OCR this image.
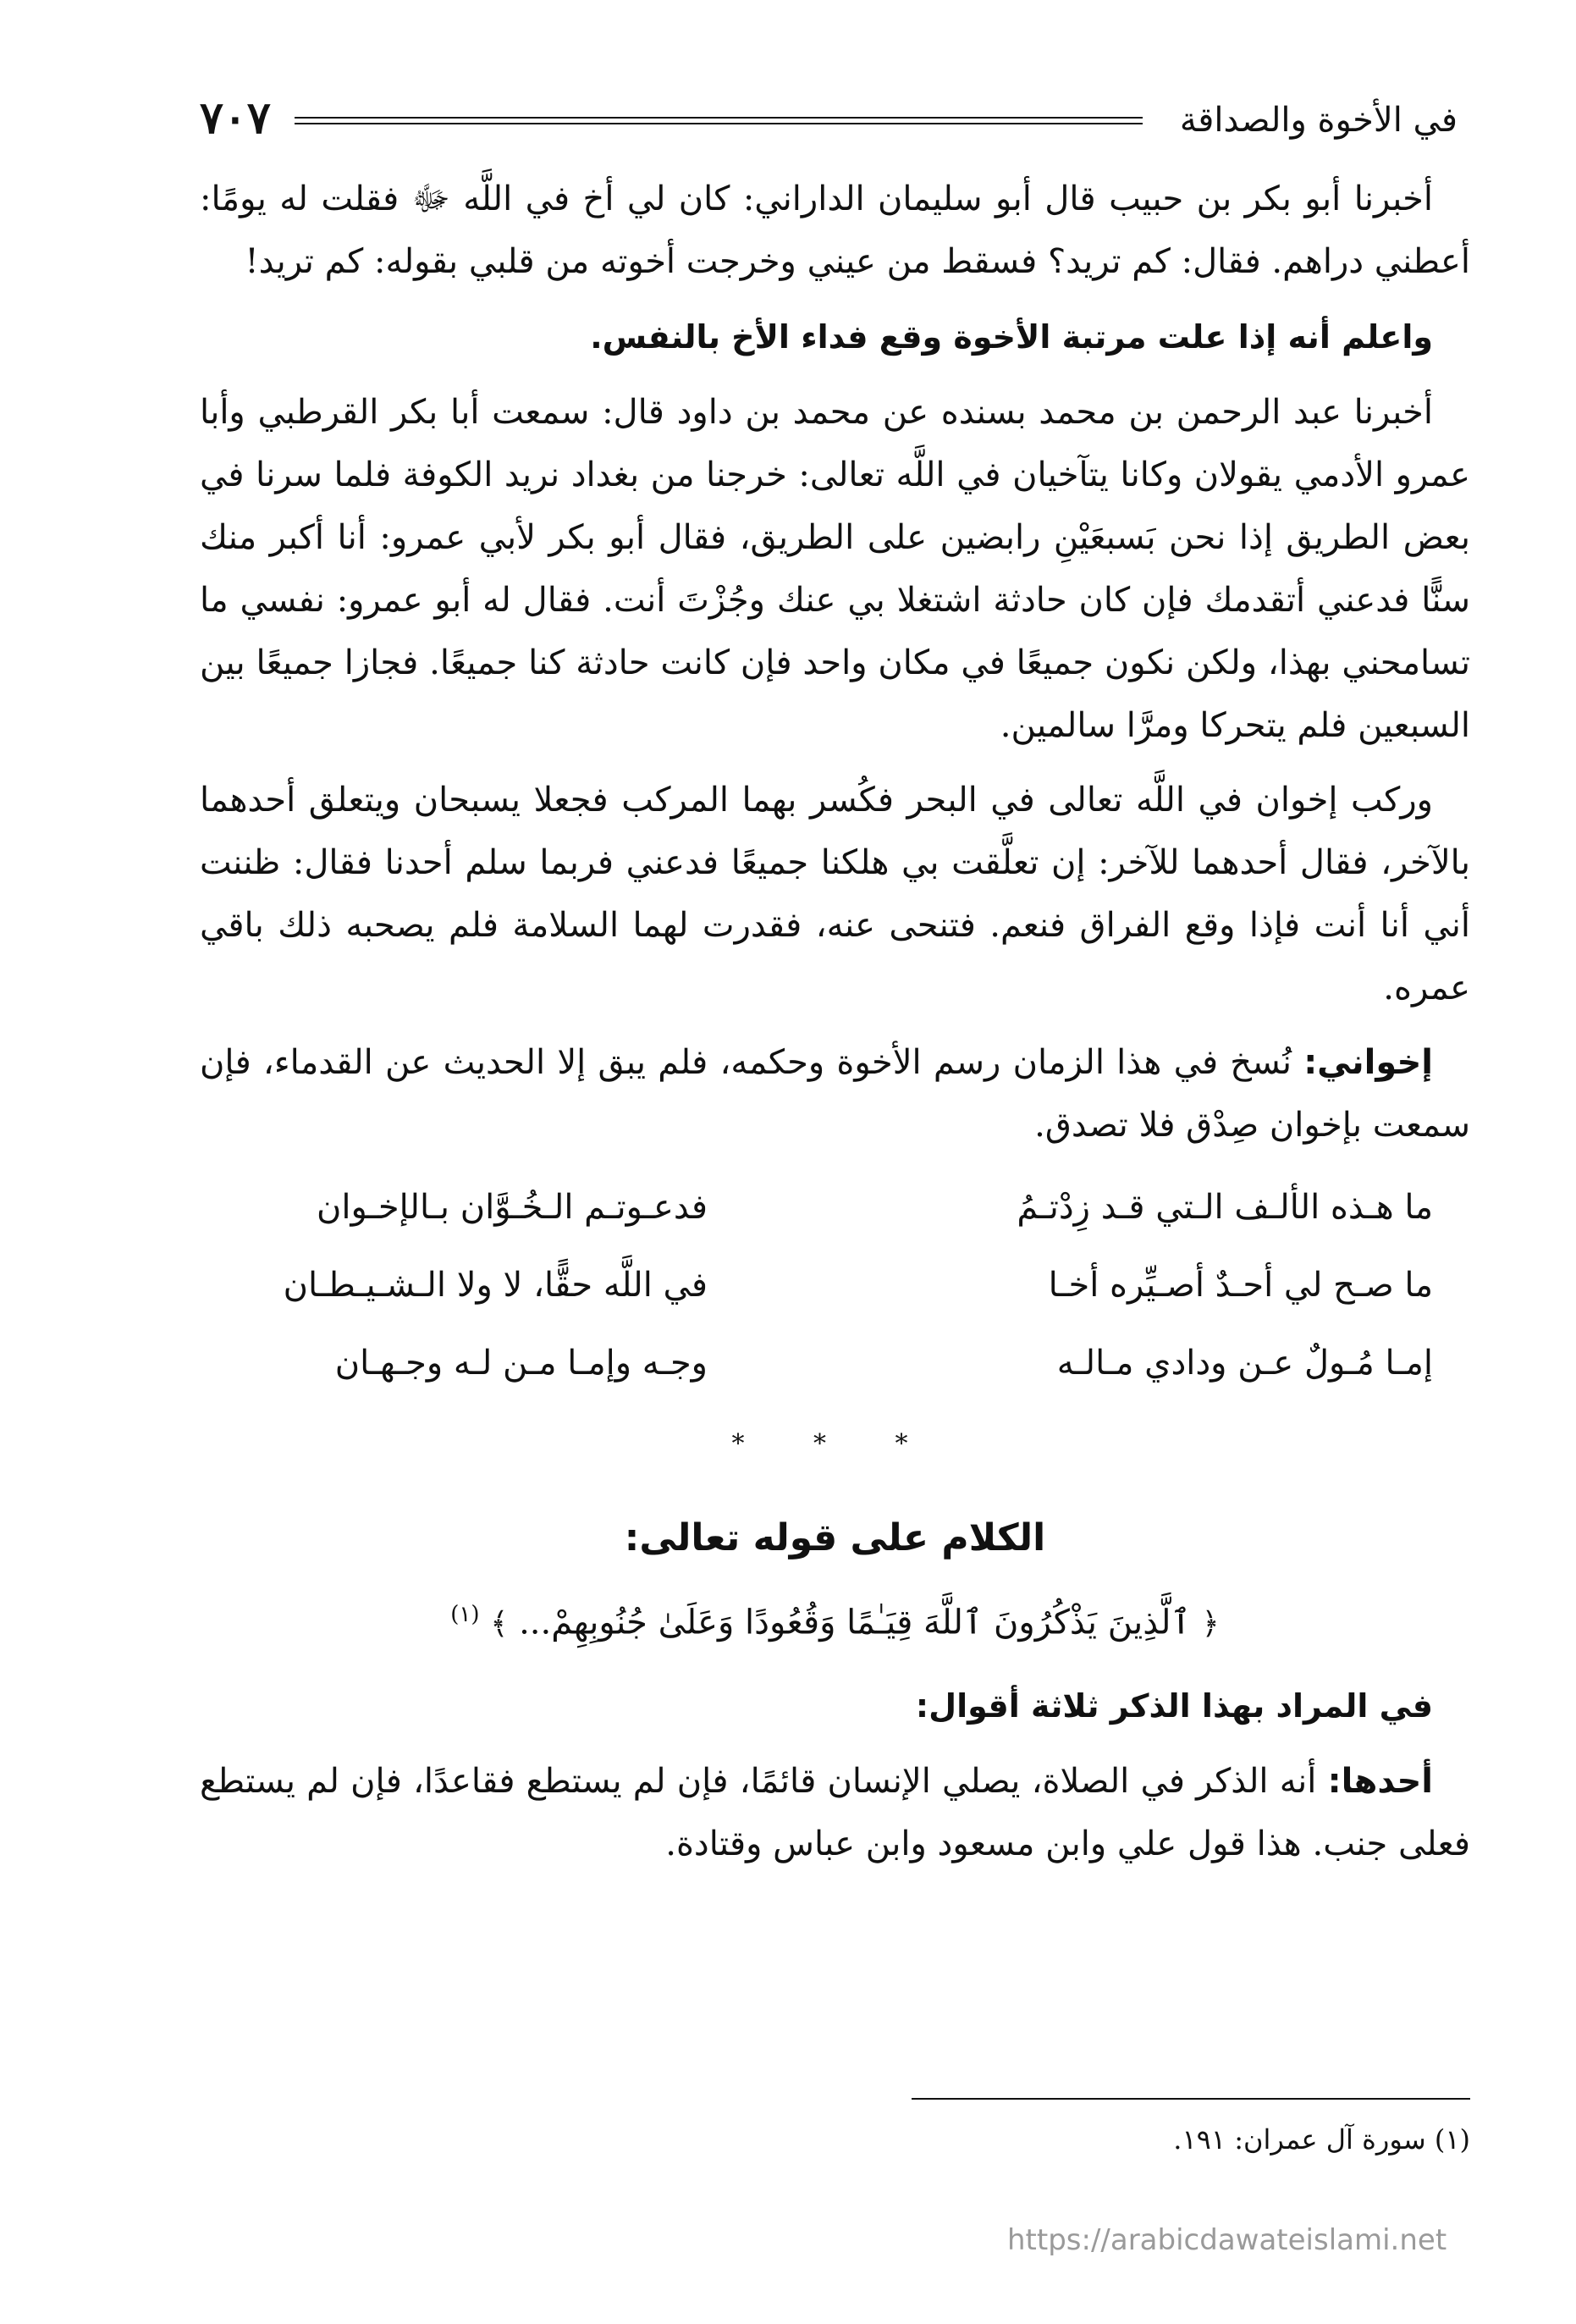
في الأخوة والصداقة
٧٠٧

أخبرنا أبو بكر بن حبيب قال أبو سليمان الداراني: كان لي أخ في اللَّه ﷻ فقلت له يومًا: أعطني دراهم. فقال: كم تريد؟ فسقط من عيني وخرجت أخوته من قلبي بقوله: كم تريد!

واعلم أنه إذا علت مرتبة الأخوة وقع فداء الأخ بالنفس.

أخبرنا عبد الرحمن بن محمد بسنده عن محمد بن داود قال: سمعت أبا بكر القرطبي وأبا عمرو الأدمي يقولان وكانا يتآخيان في اللَّه تعالى: خرجنا من بغداد نريد الكوفة فلما سرنا في بعض الطريق إذا نحن بَسبعَيْنِ رابضين على الطريق، فقال أبو بكر لأبي عمرو: أنا أكبر منك سنًّا فدعني أتقدمك فإن كان حادثة اشتغلا بي عنك وجُزْتَ أنت. فقال له أبو عمرو: نفسي ما تسامحني بهذا، ولكن نكون جميعًا في مكان واحد فإن كانت حادثة كنا جميعًا. فجازا جميعًا بين السبعين فلم يتحركا ومرَّا سالمين.

وركب إخوان في اللَّه تعالى في البحر فكُسر بهما المركب فجعلا يسبحان ويتعلق أحدهما بالآخر، فقال أحدهما للآخر: إن تعلَّقت بي هلكنا جميعًا فدعني فربما سلم أحدنا فقال: ظننت أني أنا أنت فإذا وقع الفراق فنعم. فتنحى عنه، فقدرت لهما السلامة فلم يصحبه ذلك باقي عمره.

إخواني: نُسخ في هذا الزمان رسم الأخوة وحكمه، فلم يبق إلا الحديث عن القدماء، فإن سمعت بإخوان صِدْق فلا تصدق.

ما هـذه الألـف الـتي قـد زِدْتـمُ
فدعـوتـم الـخُـوَّان بـالإخـوان
ما صـح لي أحـدٌ أصـيِّره أخـا
في اللَّه حقًّا، لا ولا الـشـيـطـان
إمـا مُـولٌ عـن ودادي مـالـه
وجـه وإمـا مـن لـه وجـهـان
* * *

الكلام على قوله تعالى:

﴿ ٱلَّذِينَ يَذْكُرُونَ ٱللَّهَ قِيَـٰمًا وَقُعُودًا وَعَلَىٰ جُنُوبِهِمْ... ﴾ $^{(١)}$

في المراد بهذا الذكر ثلاثة أقوال:

أحدها: أنه الذكر في الصلاة، يصلي الإنسان قائمًا، فإن لم يستطع فقاعدًا، فإن لم يستطع فعلى جنب. هذا قول علي وابن مسعود وابن عباس وقتادة.

(١) سورة آل عمران: ١٩١.
https://arabicdawateislami.net
